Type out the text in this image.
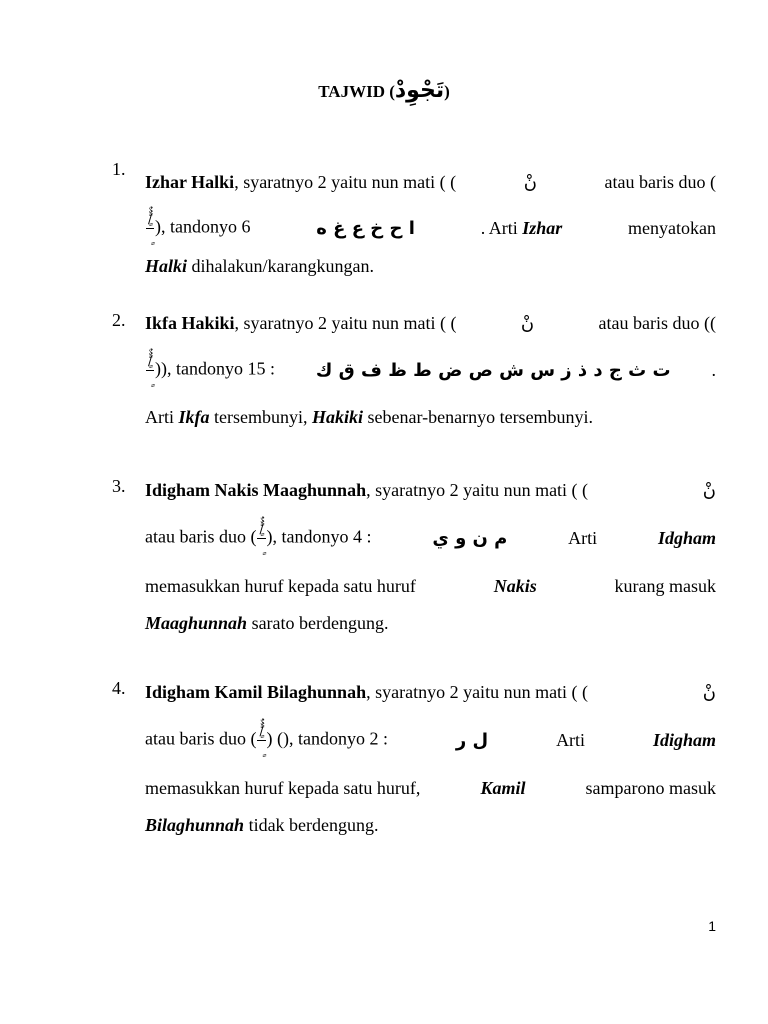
TAJWID (تَجْوِدْ)
1.
Izhar Halki, syaratnyo 2 yaitu nun mati ( (	نْ	atau baris duo (
ًٌ/ٌٍ ), tandonyo 6	ا ح خ ع غ ه	. Arti Izhar	menyatokan
Halki
dihalakun/karangkungan.
2. Ikfa Hakiki, syaratnyo 2 yaitu nun mati ( (	نْ	atau baris duo ((
ًٌ/ٌٍ )), tandonyo 15 : ت ث ج د ذ ز س ش ص ض ط ظ ف ق ك .
Arti
Ikfa
tersembunyi,
Hakiki
sebenar-benarnyo tersembunyi.
3. Idigham Nakis Maaghunnah, syaratnyo 2 yaitu nun mati ( (	نْ
atau baris duo ( ًٌ/ٌٍ ), tandonyo 4 :	م ن و ي	Arti	Idgham
memasukkan huruf kepada satu huruf	Nakis	kurang masuk
Maaghunnah
sarato berdengung.
4. Idigham Kamil Bilaghunnah, syaratnyo 2 yaitu nun mati ( (	نْ
atau baris duo ( ًٌ/ٌٍ ) (), tandonyo 2 :	ل ر	Arti	Idigham
memasukkan huruf kepada satu huruf,	Kamil	samparono masuk
Bilaghunnah
tidak berdengung.
1
